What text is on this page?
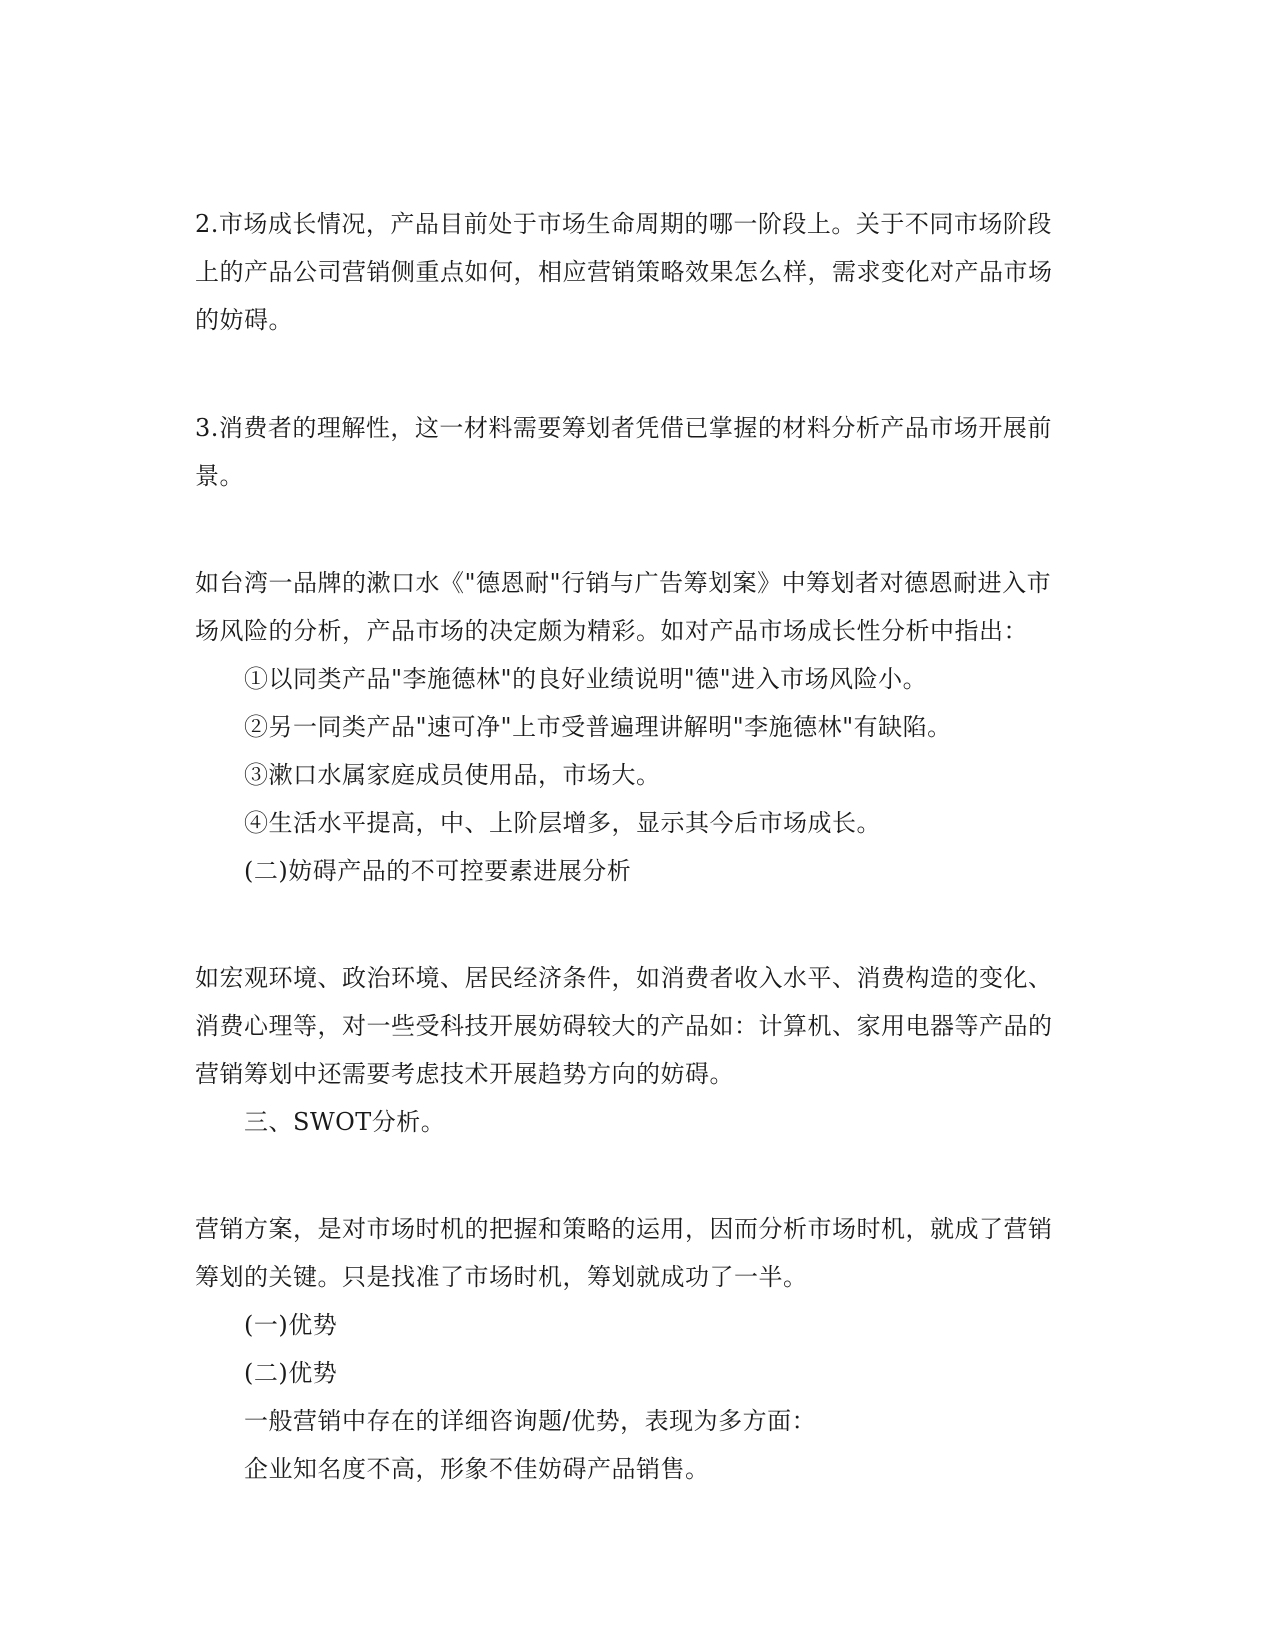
2.市场成长情况，产品目前处于市场生命周期的哪一阶段上。关于不同市场阶段
上的产品公司营销侧重点如何，相应营销策略效果怎么样，需求变化对产品市场
的妨碍。
3.消费者的理解性，这一材料需要筹划者凭借已掌握的材料分析产品市场开展前
景。
如台湾一品牌的漱口水《"德恩耐"行销与广告筹划案》中筹划者对德恩耐进入市
场风险的分析，产品市场的决定颇为精彩。如对产品市场成长性分析中指出：
①以同类产品"李施德林"的良好业绩说明"德"进入市场风险小。
②另一同类产品"速可净"上市受普遍理讲解明"李施德林"有缺陷。
③漱口水属家庭成员使用品，市场大。
④生活水平提高，中、上阶层增多，显示其今后市场成长。
(二)妨碍产品的不可控要素进展分析
如宏观环境、政治环境、居民经济条件，如消费者收入水平、消费构造的变化、
消费心理等，对一些受科技开展妨碍较大的产品如：计算机、家用电器等产品的
营销筹划中还需要考虑技术开展趋势方向的妨碍。
三、SWOT分析。
营销方案，是对市场时机的把握和策略的运用，因而分析市场时机，就成了营销
筹划的关键。只是找准了市场时机，筹划就成功了一半。
(一)优势
(二)优势
一般营销中存在的详细咨询题/优势，表现为多方面：
企业知名度不高，形象不佳妨碍产品销售。
